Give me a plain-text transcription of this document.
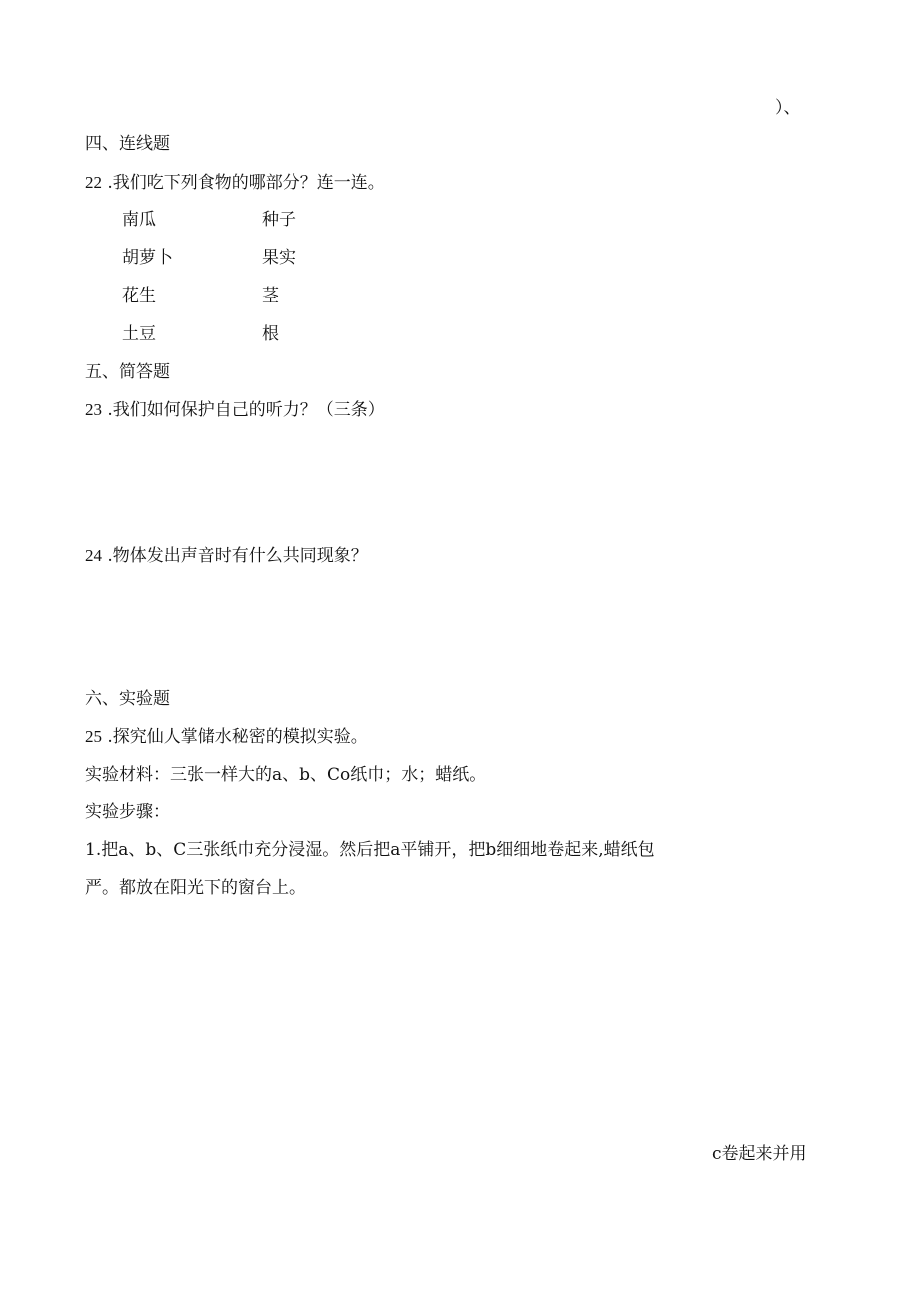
）、
四、连线题
22 .我们吃下列食物的哪部分？连一连。
南瓜	种子
胡萝卜	果实
花生	茎
土豆	根
五、简答题
23 .我们如何保护自己的听力？（三条）
24 .物体发出声音时有什么共同现象？
六、实验题
25 .探究仙人掌储水秘密的模拟实验。
实验材料：三张一样大的a、b、Co纸巾；水；蜡纸。
实验步骤：
1.把a、b、C三张纸巾充分浸湿。然后把a平铺开，把b细细地卷起来,蜡纸包
严。都放在阳光下的窗台上。
c卷起来并用
